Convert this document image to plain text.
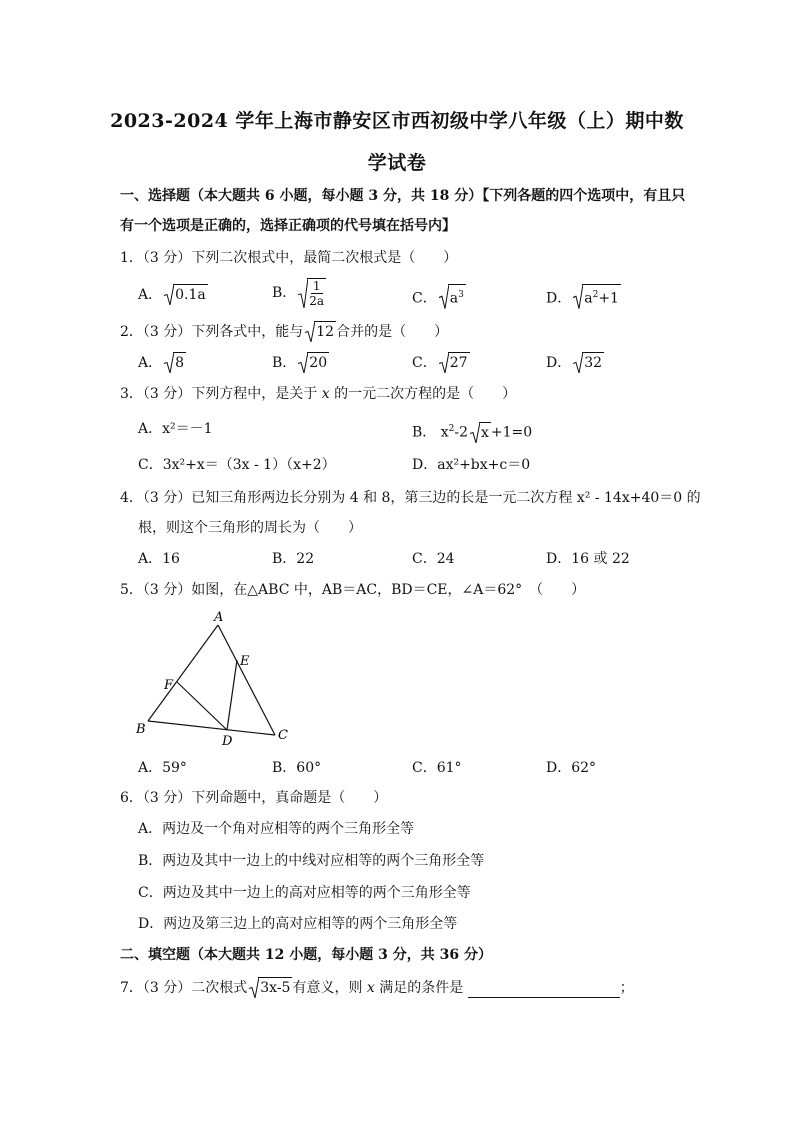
2023-2024 学年上海市静安区市西初级中学八年级（上）期中数
学试卷
一、选择题（本大题共 6 小题，每小题 3 分，共 18 分）【下列各题的四个选项中，有且只
有一个选项是正确的，选择正确项的代号填在括号内】
1．（3 分）下列二次根式中，最简二次根式是（　　）
A． 0.1a	B． $\frac{1}{2a}$	C． $a^3$	D． $a^2+1$
2．（3 分）下列各式中，能与 12 合并的是（　　）
A． 8	B． 20	C． 27	D． 32
3．（3 分）下列方程中，是关于 x 的一元二次方程的是（　　）
A．x²＝－1	B． $x^2-2$ x +1=0
C．3x²+x＝（3x - 1）（x+2）	D．ax²+bx+c＝0
4．（3 分）已知三角形两边长分别为 4 和 8，第三边的长是一元二次方程 x² - 14x+40＝0 的
根，则这个三角形的周长为（　　）
A．16	B．22	C．24	D．16 或 22
5．（3 分）如图，在△ABC 中，AB＝AC，BD＝CE，∠A＝62°　（　　）
A
B	C
D
E
F
A．59°	B．60°	C．61°	D．62°
6．（3 分）下列命题中，真命题是（　　）
A．两边及一个角对应相等的两个三角形全等
B．两边及其中一边上的中线对应相等的两个三角形全等
C．两边及其中一边上的高对应相等的两个三角形全等
D．两边及第三边上的高对应相等的两个三角形全等
二、填空题（本大题共 12 小题，每小题 3 分，共 36 分）
7．（3 分）二次根式 3x-5 有意义，则 x 满足的条件是	；
